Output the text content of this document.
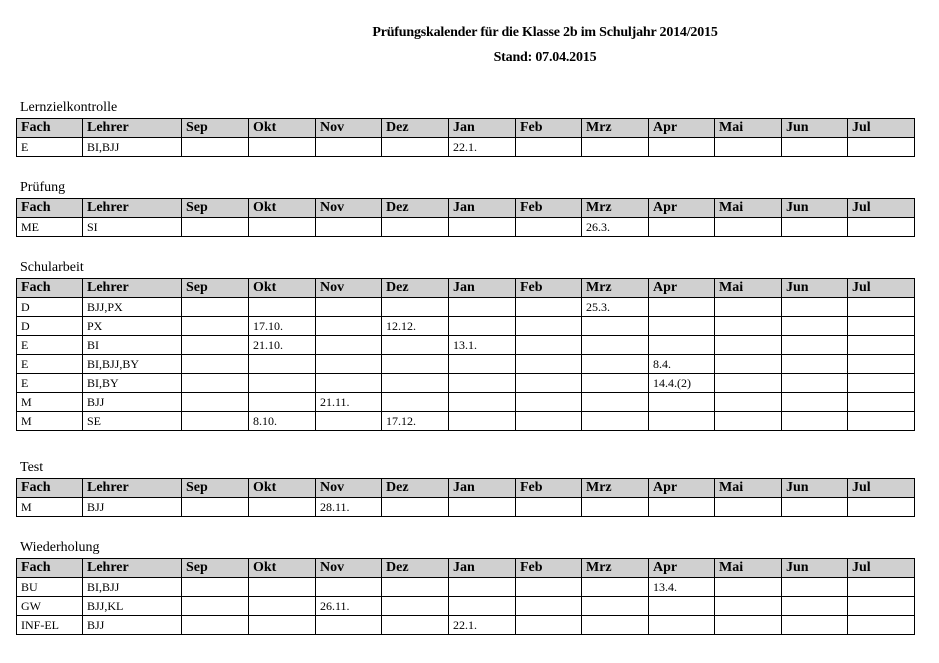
Prüfungskalender für die Klasse 2b im Schuljahr 2014/2015
Stand: 07.04.2015
Lernzielkontrolle
Fach	Lehrer	Sep	Okt	Nov	Dez	Jan	Feb	Mrz	Apr	Mai	Jun	Jul
E	BI,BJJ					22.1.						
Prüfung
Fach	Lehrer	Sep	Okt	Nov	Dez	Jan	Feb	Mrz	Apr	Mai	Jun	Jul
ME	SI							26.3.				
Schularbeit
Fach	Lehrer	Sep	Okt	Nov	Dez	Jan	Feb	Mrz	Apr	Mai	Jun	Jul
D	BJJ,PX							25.3.				
D	PX		17.10.		12.12.							
E	BI		21.10.			13.1.						
E	BI,BJJ,BY								8.4.			
E	BI,BY								14.4.(2)			
M	BJJ			21.11.								
M	SE		8.10.		17.12.							
Test
Fach	Lehrer	Sep	Okt	Nov	Dez	Jan	Feb	Mrz	Apr	Mai	Jun	Jul
M	BJJ			28.11.								
Wiederholung
Fach	Lehrer	Sep	Okt	Nov	Dez	Jan	Feb	Mrz	Apr	Mai	Jun	Jul
BU	BI,BJJ								13.4.			
GW	BJJ,KL			26.11.								
INF-EL	BJJ					22.1.						
